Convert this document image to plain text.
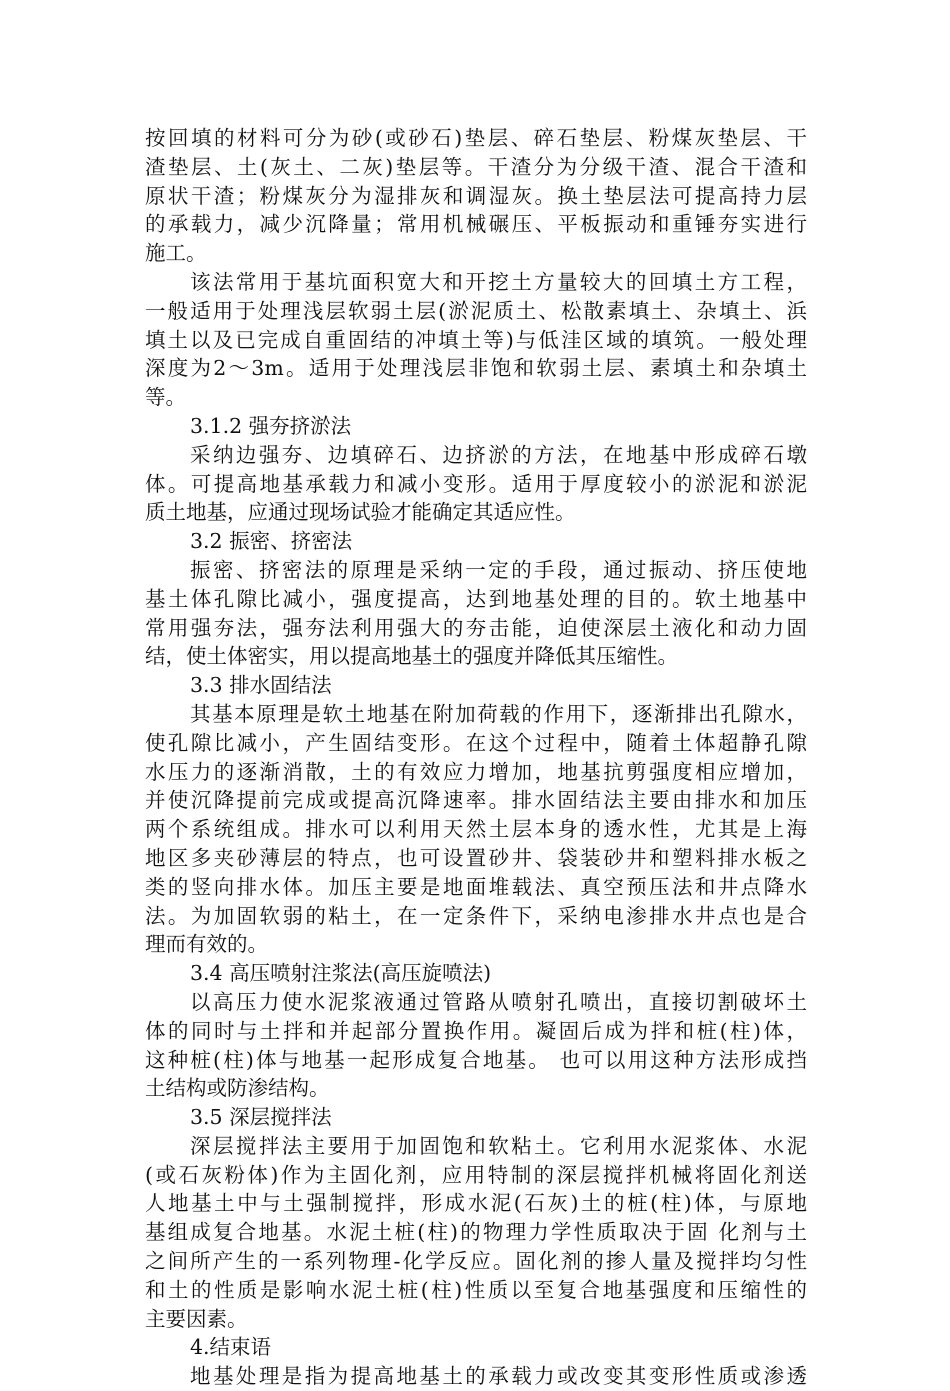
按回填的材料可分为砂(或砂石)垫层、碎石垫层、粉煤灰垫层、干
渣垫层、土(灰土、二灰)垫层等。干渣分为分级干渣、混合干渣和
原状干渣；粉煤灰分为湿排灰和调湿灰。换土垫层法可提高持力层
的承载力，减少沉降量；常用机械碾压、平板振动和重锤夯实进行
施工。
该法常用于基坑面积宽大和开挖土方量较大的回填土方工程，
一般适用于处理浅层软弱土层(淤泥质土、松散素填土、杂填土、浜
填土以及已完成自重固结的冲填土等)与低洼区域的填筑。一般处理
深度为2～3m。适用于处理浅层非饱和软弱土层、素填土和杂填土
等。
3.1.2 强夯挤淤法
采纳边强夯、边填碎石、边挤淤的方法，在地基中形成碎石墩
体。可提高地基承载力和减小变形。适用于厚度较小的淤泥和淤泥
质土地基，应通过现场试验才能确定其适应性。
3.2 振密、挤密法
振密、挤密法的原理是采纳一定的手段，通过振动、挤压使地
基土体孔隙比减小，强度提高，达到地基处理的目的。软土地基中
常用强夯法，强夯法利用强大的夯击能，迫使深层土液化和动力固
结，使土体密实，用以提高地基土的强度并降低其压缩性。
3.3 排水固结法
其基本原理是软土地基在附加荷载的作用下，逐渐排出孔隙水，
使孔隙比减小，产生固结变形。在这个过程中，随着土体超静孔隙
水压力的逐渐消散，土的有效应力增加，地基抗剪强度相应增加，
并使沉降提前完成或提高沉降速率。排水固结法主要由排水和加压
两个系统组成。排水可以利用天然土层本身的透水性，尤其是上海
地区多夹砂薄层的特点，也可设置砂井、袋装砂井和塑料排水板之
类的竖向排水体。加压主要是地面堆载法、真空预压法和井点降水
法。为加固软弱的粘土，在一定条件下，采纳电渗排水井点也是合
理而有效的。
3.4 高压喷射注浆法(高压旋喷法)
以高压力使水泥浆液通过管路从喷射孔喷出，直接切割破坏土
体的同时与土拌和并起部分置换作用。凝固后成为拌和桩(柱)体，
这种桩(柱)体与地基一起形成复合地基。 也可以用这种方法形成挡
土结构或防渗结构。
3.5 深层搅拌法
深层搅拌法主要用于加固饱和软粘土。它利用水泥浆体、水泥
(或石灰粉体)作为主固化剂，应用特制的深层搅拌机械将固化剂送
人地基土中与土强制搅拌，形成水泥(石灰)土的桩(柱)体，与原地
基组成复合地基。水泥土桩(柱)的物理力学性质取决于固 化剂与土
之间所产生的一系列物理-化学反应。固化剂的掺人量及搅拌均匀性
和土的性质是影响水泥土桩(柱)性质以至复合地基强度和压缩性的
主要因素。
4.结束语
地基处理是指为提高地基土的承载力或改变其变形性质或渗透
